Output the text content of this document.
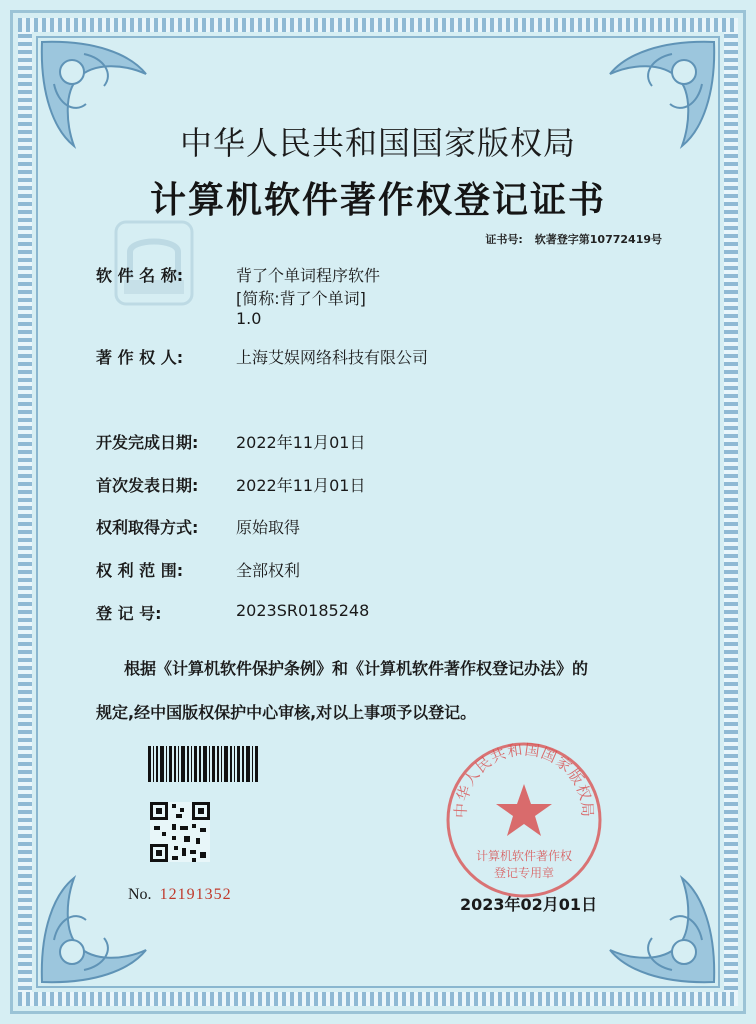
中华人民共和国国家版权局
计算机软件著作权登记证书
证书号: 软著登字第10772419号
软 件 名 称:	背了个单词程序软件
[简称:背了个单词]
1.0
著 作 权 人:	上海艾娱网络科技有限公司
开发完成日期:	2022年11月01日
首次发表日期:	2022年11月01日
权利取得方式:	原始取得
权 利 范 围:	全部权利
登 记 号:	2023SR0185248
根据《计算机软件保护条例》和《计算机软件著作权登记办法》的
规定,经中国版权保护中心审核,对以上事项予以登记。
No. 12191352
中华人民共和国国家版权局
计算机软件著作权
登记专用章
2023年02月01日
